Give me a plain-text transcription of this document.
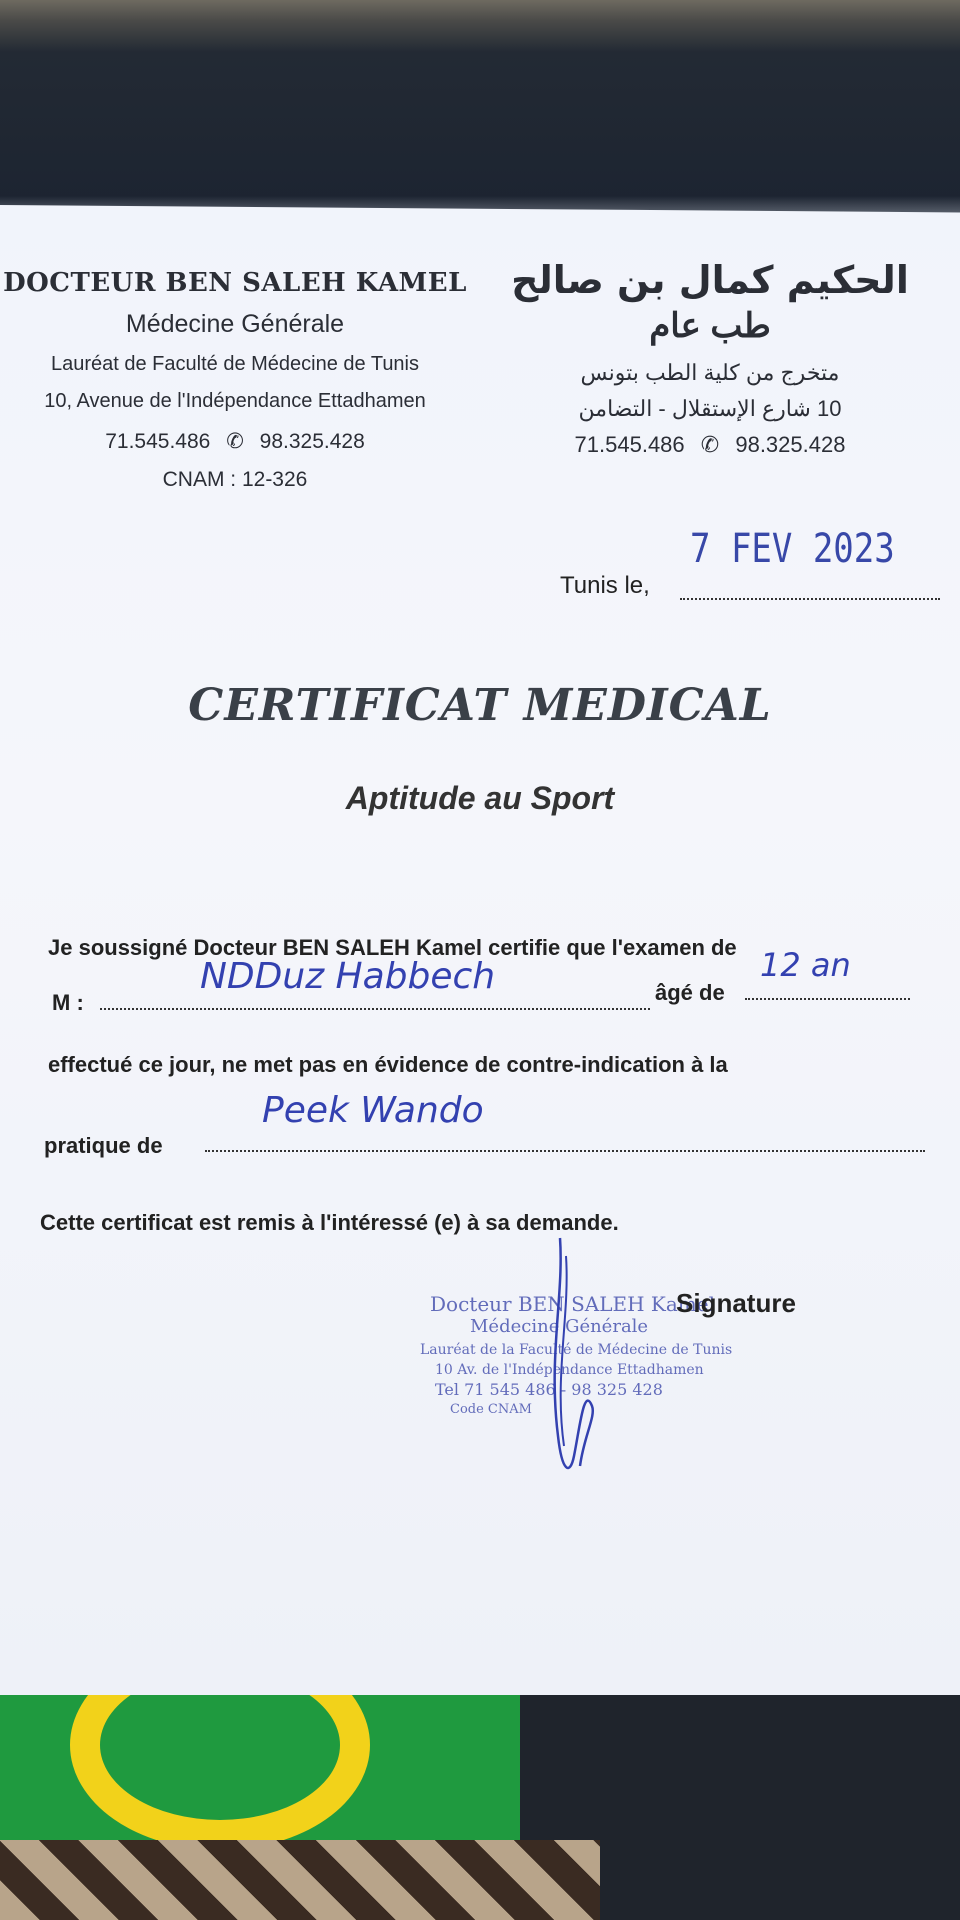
DOCTEUR BEN SALEH KAMEL
Médecine Générale
Lauréat de Faculté de Médecine de Tunis
10, Avenue de l'Indépendance Ettadhamen
71.545.486 ✆ 98.325.428
CNAM : 12-326
الحكيم كمال بن صالح
طب عام
متخرج من كلية الطب بتونس
10 شارع الإستقلال - التضامن
71.545.486 ✆ 98.325.428
Tunis le,
7 FEV 2023
CERTIFICAT MEDICAL
Aptitude au Sport
Je soussigné Docteur BEN SALEH Kamel certifie que l'examen de
M :
NDDuz Habbech	âgé de
12 an
effectué ce jour, ne met pas en évidence de contre-indication à la
pratique de
Peek Wando
Cette certificat est remis à l'intéressé (e) à sa demande.
Docteur BEN SALEH Kamel
Médecine Générale
Lauréat de la Faculté de Médecine de Tunis
10 Av. de l'Indépendance Ettadhamen
Tel 71 545 486 - 98 325 428
Code CNAM
Signature
